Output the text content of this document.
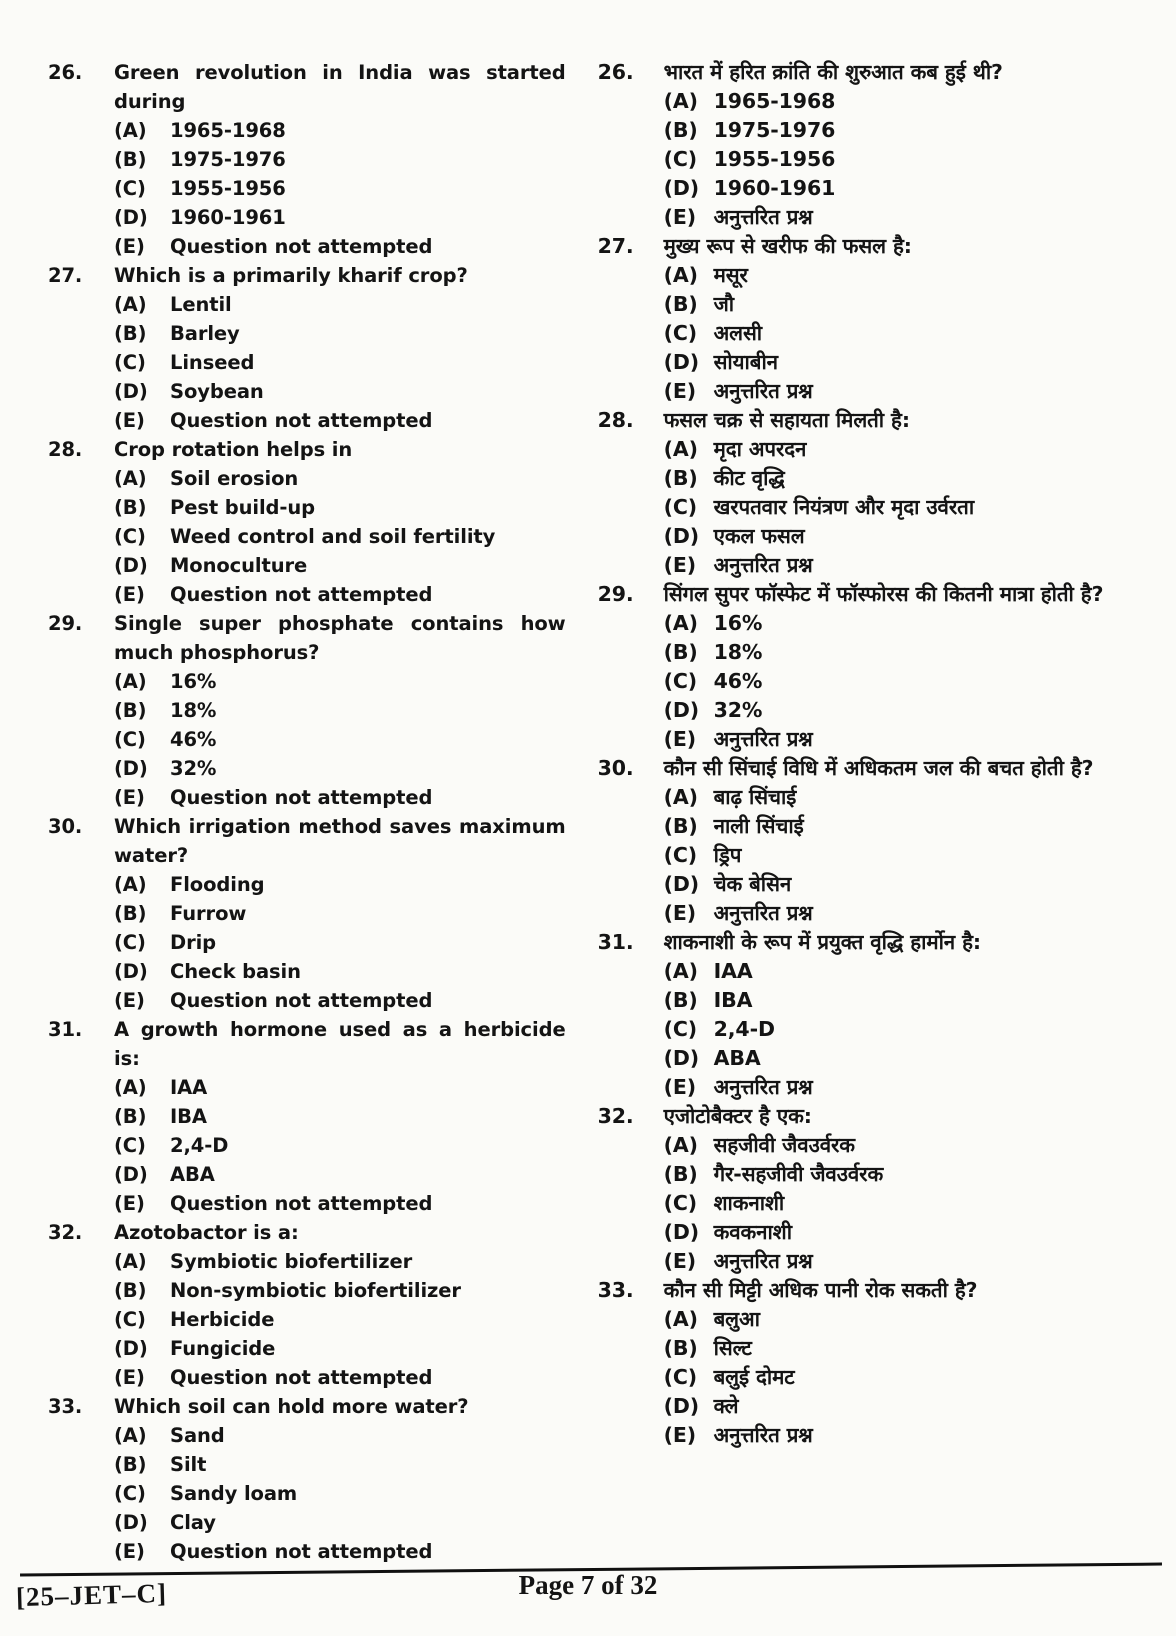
26.	Green revolution in India was started during
(A)	1965-1968
(B)	1975-1976
(C)	1955-1956
(D)	1960-1961
(E)	Question not attempted
27.	Which is a primarily kharif crop?
(A)	Lentil
(B)	Barley
(C)	Linseed
(D)	Soybean
(E)	Question not attempted
28.	Crop rotation helps in
(A)	Soil erosion
(B)	Pest build-up
(C)	Weed control and soil fertility
(D)	Monoculture
(E)	Question not attempted
29.	Single super phosphate contains how much phosphorus?
(A)	16%
(B)	18%
(C)	46%
(D)	32%
(E)	Question not attempted
30.	Which irrigation method saves maximum water?
(A)	Flooding
(B)	Furrow
(C)	Drip
(D)	Check basin
(E)	Question not attempted
31.	A growth hormone used as a herbicide is:
(A)	IAA
(B)	IBA
(C)	2,4-D
(D)	ABA
(E)	Question not attempted
32.	Azotobactor is a:
(A)	Symbiotic biofertilizer
(B)	Non-symbiotic biofertilizer
(C)	Herbicide
(D)	Fungicide
(E)	Question not attempted
33.	Which soil can hold more water?
(A)	Sand
(B)	Silt
(C)	Sandy loam
(D)	Clay
(E)	Question not attempted
26.	भारत में हरित क्रांति की शुरुआत कब हुई थी?
(A) 1965-1968
(B) 1975-1976
(C) 1955-1956
(D) 1960-1961
(E) अनुत्तरित प्रश्न
27.	मुख्य रूप से खरीफ की फसल है:
(A) मसूर
(B) जौ
(C) अलसी
(D) सोयाबीन
(E) अनुत्तरित प्रश्न
28.	फसल चक्र से सहायता मिलती है:
(A) मृदा अपरदन
(B) कीट वृद्धि
(C) खरपतवार नियंत्रण और मृदा उर्वरता
(D) एकल फसल
(E) अनुत्तरित प्रश्न
29.	सिंगल सुपर फॉस्फेट में फॉस्फोरस की कितनी मात्रा होती है?
(A) 16%
(B) 18%
(C) 46%
(D) 32%
(E) अनुत्तरित प्रश्न
30.	कौन सी सिंचाई विधि में अधिकतम जल की बचत होती है?
(A) बाढ़ सिंचाई
(B) नाली सिंचाई
(C) ड्रिप
(D) चेक बेसिन
(E) अनुत्तरित प्रश्न
31.	शाकनाशी के रूप में प्रयुक्त वृद्धि हार्मोन है:
(A) IAA
(B) IBA
(C) 2,4-D
(D) ABA
(E) अनुत्तरित प्रश्न
32.	एजोटोबैक्टर है एक:
(A) सहजीवी जैवउर्वरक
(B) गैर-सहजीवी जैवउर्वरक
(C) शाकनाशी
(D) कवकनाशी
(E) अनुत्तरित प्रश्न
33.	कौन सी मिट्टी अधिक पानी रोक सकती है?
(A) बलुआ
(B) सिल्ट
(C) बलुई दोमट
(D) क्ले
(E) अनुत्तरित प्रश्न
[25–JET–C]	Page 7 of 32
